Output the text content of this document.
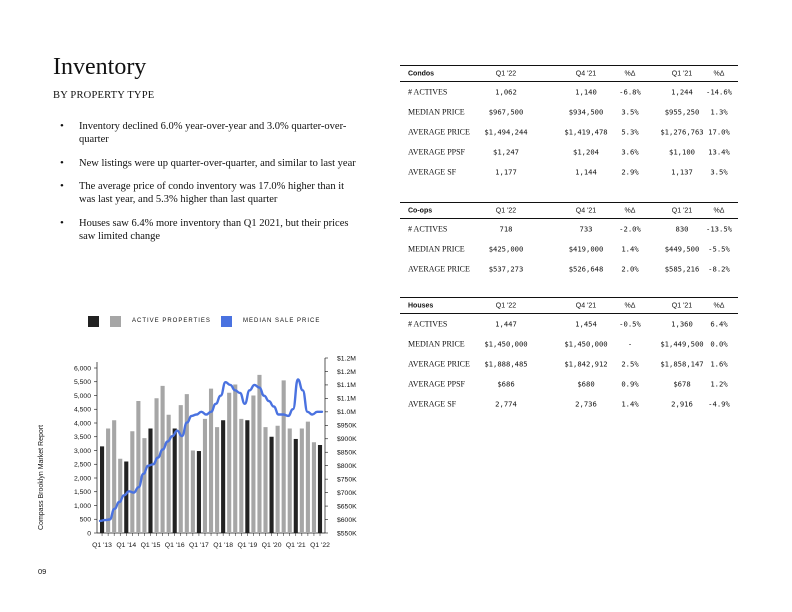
Inventory
BY PROPERTY TYPE
• Inventory declined 6.0% year-over-year and 3.0% quarter-over-quarter
• New listings were up quarter-over-quarter, and similar to last year
• The average price of condo inventory was 17.0% higher than it was last year, and 5.3% higher than last quarter
• Houses saw 6.4% more inventory than Q1 2021, but their prices saw limited change
Condos	Q1 '22	Q4 '21	%Δ	Q1 '21	%Δ
# ACTIVES	1,062	1,140	-6.8%	1,244	-14.6%
MEDIAN PRICE	$967,500	$934,500	3.5%	$955,250	1.3%
AVERAGE PRICE	$1,494,244	$1,419,478	5.3%	$1,276,763 17.0%
AVERAGE PPSF	$1,247	$1,204	3.6%	$1,100	13.4%
AVERAGE SF	1,177	1,144	2.9%	1,137	3.5%
Co-ops	Q1 '22	Q4 '21	%Δ	Q1 '21	%Δ
# ACTIVES	718	733	-2.0%	830	-13.5%
MEDIAN PRICE	$425,000	$419,000	1.4%	$449,500	-5.5%
AVERAGE PRICE	$537,273	$526,648	2.0%	$585,216	-8.2%
Houses	Q1 '22	Q4 '21	%Δ	Q1 '21	%Δ
# ACTIVES	1,447	1,454	-0.5%	1,360	6.4%
MEDIAN PRICE	$1,450,000	$1,450,000	-	$1,449,500 0.0%
AVERAGE PRICE	$1,888,485	$1,842,912	2.5%	$1,858,147 1.6%
AVERAGE PPSF	$686	$680	0.9%	$678	1.2%
AVERAGE SF	2,774	2,736	1.4%	2,916	-4.9%
ACTIVE PROPERTIES	MEDIAN SALE PRICE
0
500
1,000
1,500
2,000
2,500
3,000
3,500
4,000
4,500
5,000
5,500
6,000
$550K
$600K
$650K
$700K
$750K
$800K
$850K
$900K
$950K
$1.0M
$1.1M
$1.1M
$1.2M
$1.2M
Q1 '13 Q1 '14 Q1 '15 Q1 '16 Q1 '17 Q1 '18 Q1 '19 Q1 '20 Q1 '21 Q1 '22
Compass Brooklyn Market Report
09
